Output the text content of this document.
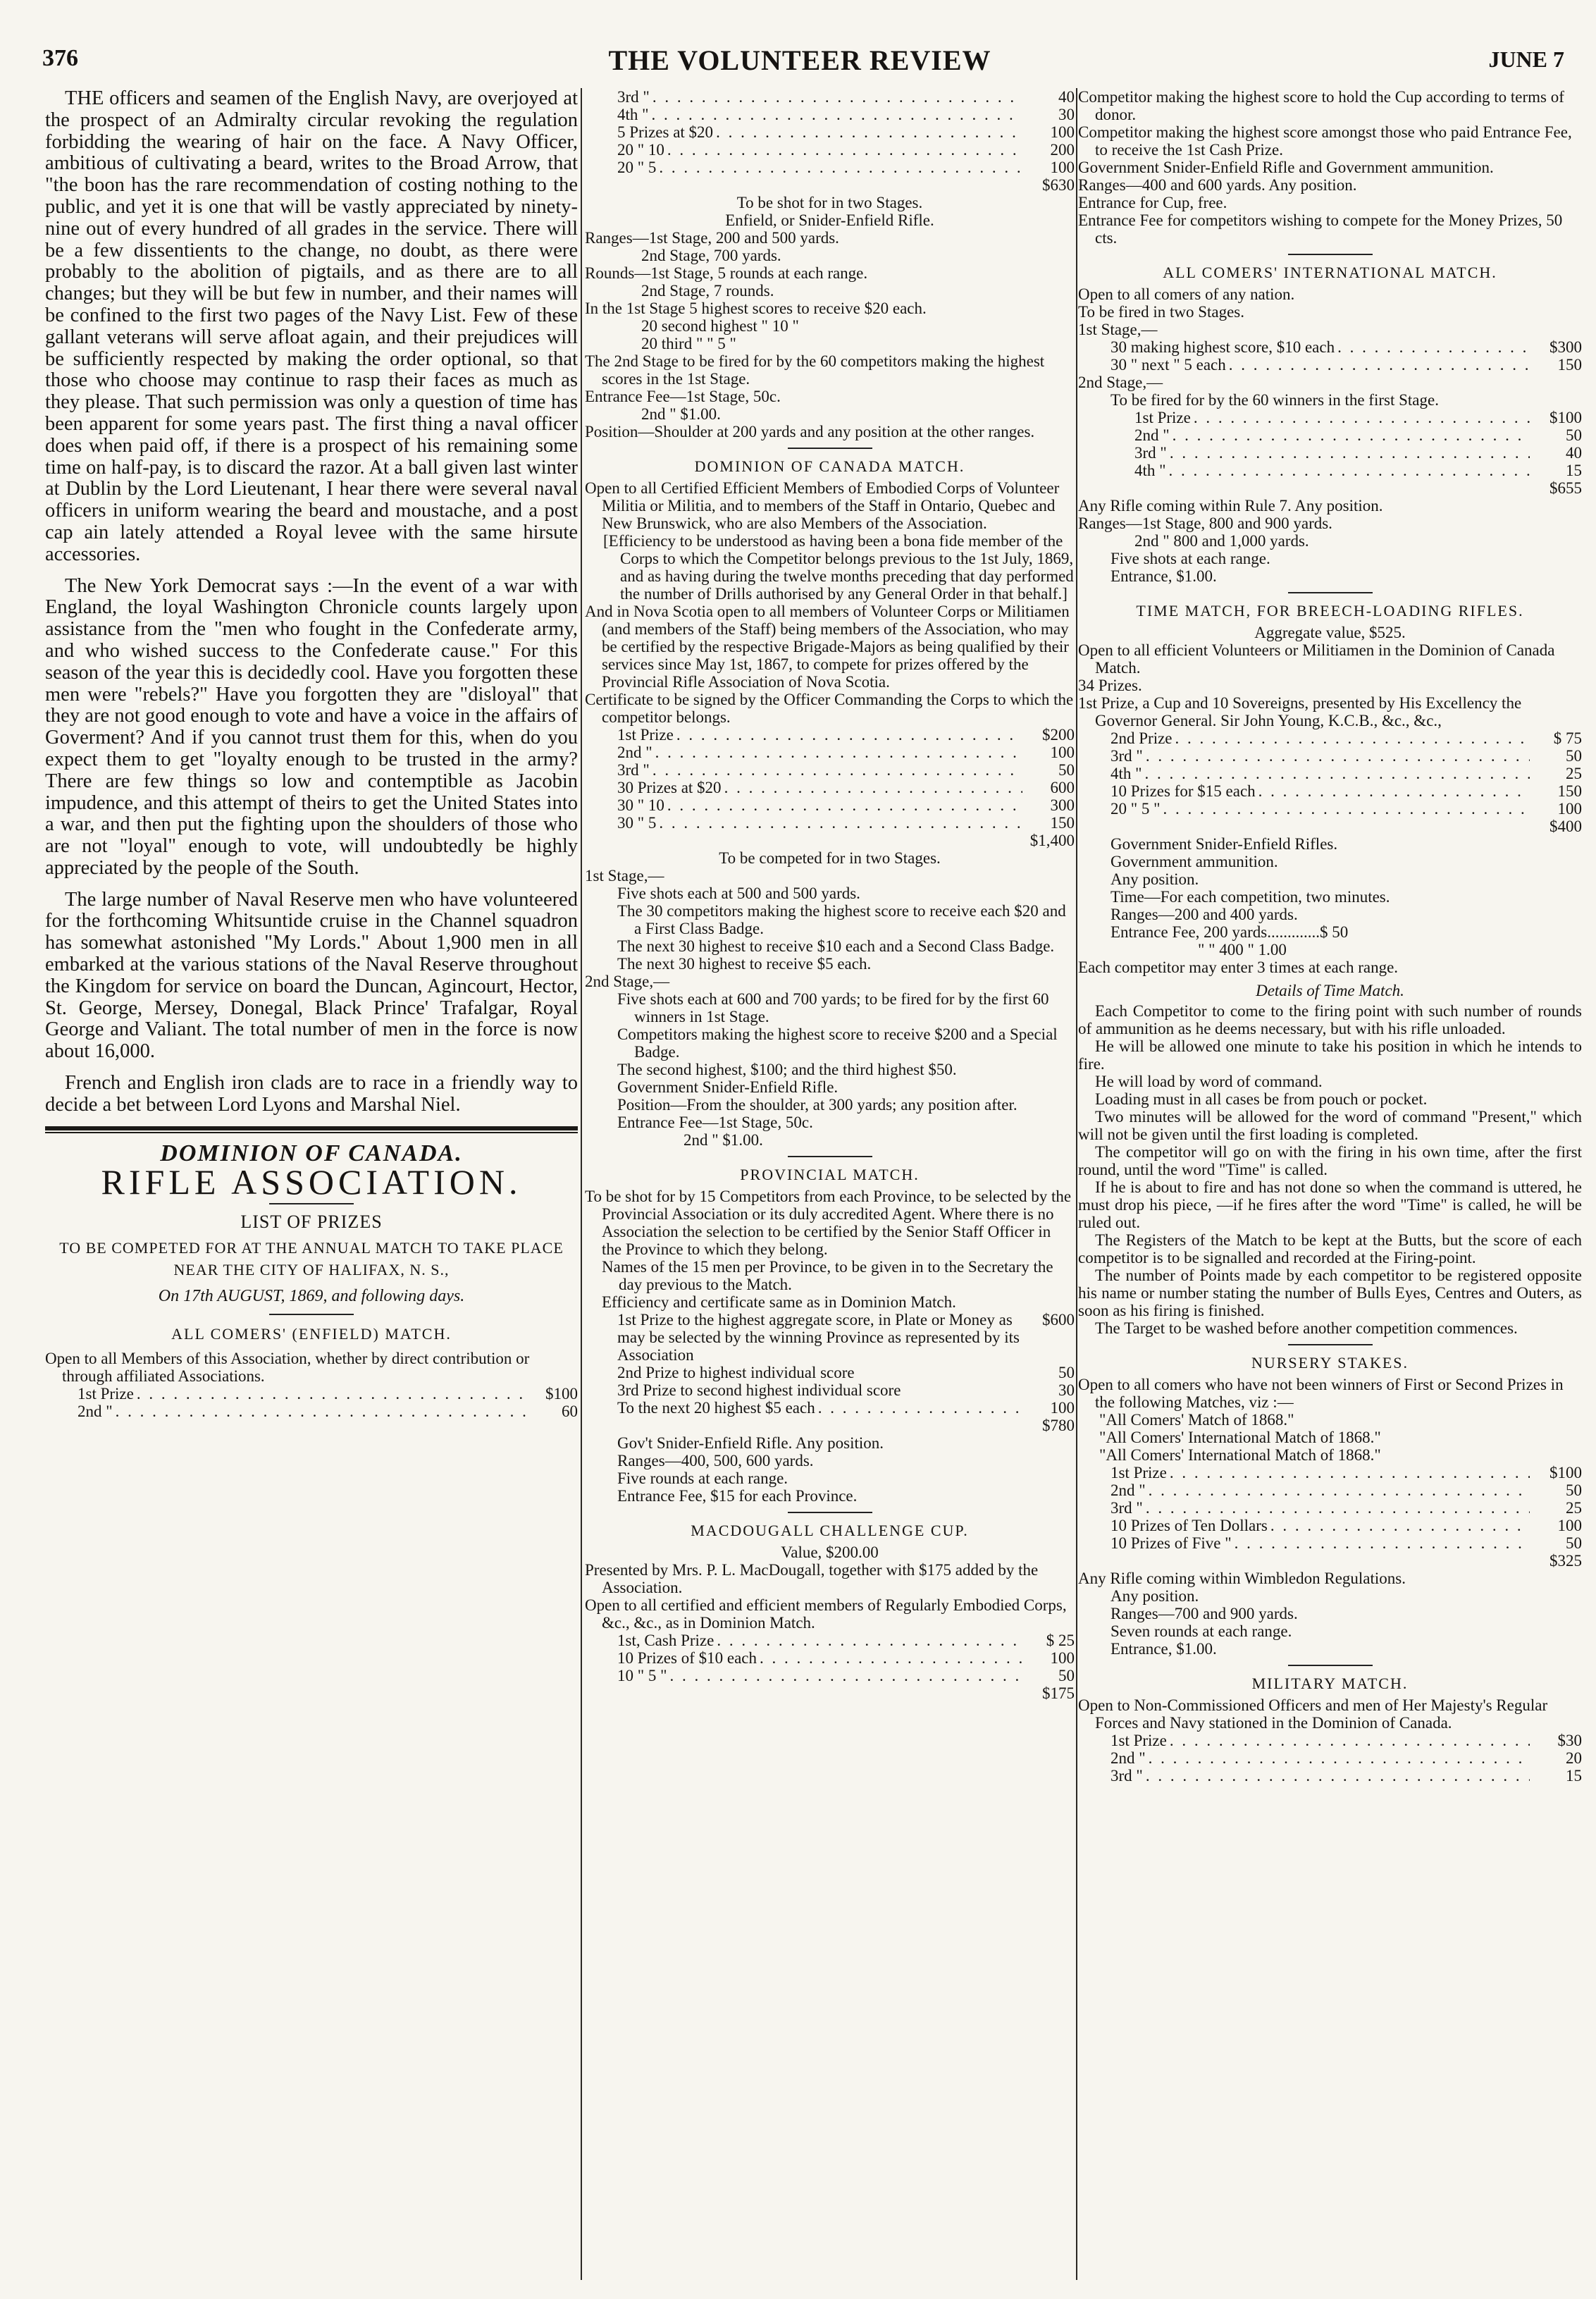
376	THE VOLUNTEER REVIEW	JUNE 7

THE officers and seamen of the English Navy, are overjoyed at the prospect of an Admiralty circular revoking the regulation forbidding the wearing of hair on the face. A Navy Officer, ambitious of cultivating a beard, writes to the Broad Arrow, that "the boon has the rare recommendation of costing nothing to the public, and yet it is one that will be vastly appreciated by ninety-nine out of every hundred of all grades in the service. There will be a few dissentients to the change, no doubt, as there were probably to the abolition of pigtails, and as there are to all changes; but they will be but few in number, and their names will be confined to the first two pages of the Navy List. Few of these gallant veterans will serve afloat again, and their prejudices will be sufficiently respected by making the order optional, so that those who choose may continue to rasp their faces as much as they please. That such permission was only a question of time has been apparent for some years past. The first thing a naval officer does when paid off, if there is a prospect of his remaining some time on half-pay, is to discard the razor. At a ball given last winter at Dublin by the Lord Lieutenant, I hear there were several naval officers in uniform wearing the beard and moustache, and a post cap ain lately attended a Royal levee with the same hirsute accessories.

The New York Democrat says :—In the event of a war with England, the loyal Washington Chronicle counts largely upon assistance from the "men who fought in the Confederate army, and who wished success to the Confederate cause." For this season of the year this is decidedly cool. Have you forgotten these men were "rebels?" Have you forgotten they are "disloyal" that they are not good enough to vote and have a voice in the affairs of Goverment? And if you cannot trust them for this, when do you expect them to get "loyalty enough to be trusted in the army? There are few things so low and contemptible as Jacobin impudence, and this attempt of theirs to get the United States into a war, and then put the fighting upon the shoulders of those who are not "loyal" enough to vote, will undoubtedly be highly appreciated by the people of the South.

The large number of Naval Reserve men who have volunteered for the forthcoming Whitsuntide cruise in the Channel squadron has somewhat astonished "My Lords." About 1,900 men in all embarked at the various stations of the Naval Reserve throughout the Kingdom for service on board the Duncan, Agincourt, Hector, St. George, Mersey, Donegal, Black Prince' Trafalgar, Royal George and Valiant. The total number of men in the force is now about 16,000.

French and English iron clads are to race in a friendly way to decide a bet between Lord Lyons and Marshal Niel.

DOMINION OF CANADA.
RIFLE ASSOCIATION.

LIST OF PRIZES

TO BE COMPETED FOR AT THE ANNUAL MATCH TO TAKE PLACE NEAR THE CITY OF HALIFAX, N. S.,

On 17th AUGUST, 1869, and following days.

ALL COMERS' (ENFIELD) MATCH.

Open to all Members of this Association, whether by direct contribution or through affiliated Associations.

1st Prize . . .	$100
2nd " . . .	60
3rd " . . .	40
4th " . . .	30
5 Prizes at $20 . . .	100
20 " 10 . . .	200
20 " 5 . . .	100
$630

To be shot for in two Stages.

Enfield, or Snider-Enfield Rifle.

Ranges—1st Stage, 200 and 500 yards.

2nd Stage, 700 yards.

Rounds—1st Stage, 5 rounds at each range.

2nd Stage, 7 rounds.

In the 1st Stage 5 highest scores to receive $20 each.

20 second highest " 10 "

20 third " " 5 "

The 2nd Stage to be fired for by the 60 competitors making the highest scores in the 1st Stage.

Entrance Fee—1st Stage, 50c.

2nd " $1.00.

Position—Shoulder at 200 yards and any position at the other ranges.

DOMINION OF CANADA MATCH.

Open to all Certified Efficient Members of Embodied Corps of Volunteer Militia or Militia, and to members of the Staff in Ontario, Quebec and New Brunswick, who are also Members of the Association.

[Efficiency to be understood as having been a bona fide member of the Corps to which the Competitor belongs previous to the 1st July, 1869, and as having during the twelve months preceding that day performed the number of Drills authorised by any General Order in that behalf.]

And in Nova Scotia open to all members of Volunteer Corps or Militiamen (and members of the Staff) being members of the Association, who may be certified by the respective Brigade-Majors as being qualified by their services since May 1st, 1867, to compete for prizes offered by the Provincial Rifle Association of Nova Scotia.

Certificate to be signed by the Officer Commanding the Corps to which the competitor belongs.

1st Prize . . .	$200
2nd " . . .	100
3rd " . . .	50
30 Prizes at $20 . . .	600
30 " 10 . . .	300
30 " 5 . . .	150
$1,400

To be competed for in two Stages.

1st Stage,—

Five shots each at 500 and 500 yards.

The 30 competitors making the highest score to receive each $20 and a First Class Badge.

The next 30 highest to receive $10 each and a Second Class Badge.

The next 30 highest to receive $5 each.

2nd Stage,—

Five shots each at 600 and 700 yards; to be fired for by the first 60 winners in 1st Stage.

Competitors making the highest score to receive $200 and a Special Badge.

The second highest, $100; and the third highest $50.

Government Snider-Enfield Rifle.

Position—From the shoulder, at 300 yards; any position after.

Entrance Fee—1st Stage, 50c.

2nd " $1.00.

PROVINCIAL MATCH.

To be shot for by 15 Competitors from each Province, to be selected by the Provincial Association or its duly accredited Agent. Where there is no Association the selection to be certified by the Senior Staff Officer in the Province to which they belong.

Names of the 15 men per Province, to be given in to the Secretary the day previous to the Match.

Efficiency and certificate same as in Dominion Match.

1st Prize to the highest aggregate score, in Plate or Money as may be selected by the winning Province as represented by its Association
$600
2nd Prize to highest individual score	50
3rd Prize to second highest individual score	30
To the next 20 highest $5 each . . .	100
$780

Gov't Snider-Enfield Rifle. Any position.

Ranges—400, 500, 600 yards.

Five rounds at each range.

Entrance Fee, $15 for each Province.

MACDOUGALL CHALLENGE CUP.

Value, $200.00

Presented by Mrs. P. L. MacDougall, together with $175 added by the Association.

Open to all certified and efficient members of Regularly Embodied Corps, &c., &c., as in Dominion Match.

1st, Cash Prize . . .	$ 25
10 Prizes of $10 each . . .	100
10 " 5 " . . .	50
$175

Competitor making the highest score to hold the Cup according to terms of donor.

Competitor making the highest score amongst those who paid Entrance Fee, to receive the 1st Cash Prize.

Government Snider-Enfield Rifle and Government ammunition.

Ranges—400 and 600 yards. Any position.

Entrance for Cup, free.

Entrance Fee for competitors wishing to compete for the Money Prizes, 50 cts.

ALL COMERS' INTERNATIONAL MATCH.

Open to all comers of any nation.

To be fired in two Stages.

1st Stage,—

30 making highest score, $10 each . . .	$300
30 " next " 5 each . . .	150

2nd Stage,—

To be fired for by the 60 winners in the first Stage.

1st Prize . . .	$100
2nd " . . .	50
3rd " . . .	40
4th " . . .	15
$655

Any Rifle coming within Rule 7. Any position.

Ranges—1st Stage, 800 and 900 yards.

2nd " 800 and 1,000 yards.

Five shots at each range.

Entrance, $1.00.

TIME MATCH, FOR BREECH-LOADING RIFLES.

Aggregate value, $525.

Open to all efficient Volunteers or Militiamen in the Dominion of Canada Match.

34 Prizes.

1st Prize, a Cup and 10 Sovereigns, presented by His Excellency the Governor General. Sir John Young, K.C.B., &c., &c.,

2nd Prize . . .	$ 75
3rd " . . .	50
4th " . . .	25
10 Prizes for $15 each . . .	150
20 " 5 " . . .	100
$400

Government Snider-Enfield Rifles.

Government ammunition.

Any position.

Time—For each competition, two minutes.

Ranges—200 and 400 yards.

Entrance Fee, 200 yards.............$ 50

" " 400 " 1.00

Each competitor may enter 3 times at each range.

Details of Time Match.

Each Competitor to come to the firing point with such number of rounds of ammunition as he deems necessary, but with his rifle unloaded.

He will be allowed one minute to take his position in which he intends to fire.

He will load by word of command.

Loading must in all cases be from pouch or pocket.

Two minutes will be allowed for the word of command "Present," which will not be given until the first loading is completed.

The competitor will go on with the firing in his own time, after the first round, until the word "Time" is called.

If he is about to fire and has not done so when the command is uttered, he must drop his piece, —if he fires after the word "Time" is called, he will be ruled out.

The Registers of the Match to be kept at the Butts, but the score of each competitor is to be signalled and recorded at the Firing-point.

The number of Points made by each competitor to be registered opposite his name or number stating the number of Bulls Eyes, Centres and Outers, as soon as his firing is finished.

The Target to be washed before another competition commences.

NURSERY STAKES.

Open to all comers who have not been winners of First or Second Prizes in the following Matches, viz :—

"All Comers' Match of 1868."

"All Comers' International Match of 1868."

"All Comers' International Match of 1868."

1st Prize . . .	$100
2nd " . . .	50
3rd " . . .	25
10 Prizes of Ten Dollars . . .	100
10 Prizes of Five " . . .	50
$325

Any Rifle coming within Wimbledon Regulations.

Any position.

Ranges—700 and 900 yards.

Seven rounds at each range.

Entrance, $1.00.

MILITARY MATCH.

Open to Non-Commissioned Officers and men of Her Majesty's Regular Forces and Navy stationed in the Dominion of Canada.

1st Prize . . .	$30
2nd " . . .	20
3rd " . . .	15
